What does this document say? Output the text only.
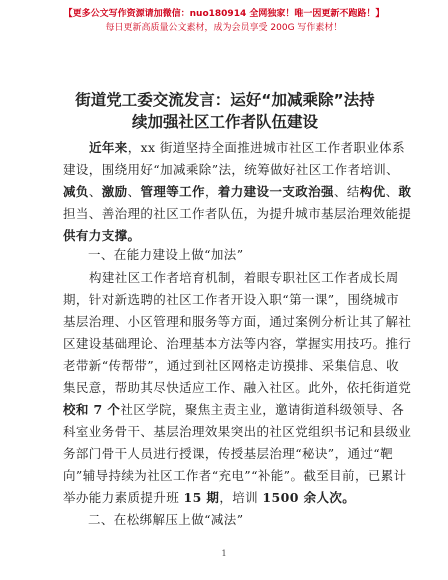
【更多公文写作资源请加微信：nuo180914 全网独家！唯一因更新不跑路！】
每日更新高质量公文素材，成为会员享受 200G 写作素材！
街道党工委交流发言：运好“加减乘除”法持
续加强社区工作者队伍建设
近年来，xx 街道坚持全面推进城市社区工作者职业体系
建设，围绕用好“加减乘除”法，统筹做好社区工作者培训、
减负、激励、管理等工作，着力建设一支政治强、结构优、敢
担当、善治理的社区工作者队伍，为提升城市基层治理效能提
供有力支撑。
一、在能力建设上做“加法”
构建社区工作者培育机制，着眼专职社区工作者成长周
期，针对新选聘的社区工作者开设入职“第一课”，围绕城市
基层治理、小区管理和服务等方面，通过案例分析让其了解社
区建设基础理论、治理基本方法等内容，掌握实用技巧。推行
老带新“传帮带”，通过到社区网格走访摸排、采集信息、收
集民意，帮助其尽快适应工作、融入社区。此外，依托街道党
校和 7 个社区学院，聚焦主责主业，邀请街道科级领导、各
科室业务骨干、基层治理效果突出的社区党组织书记和县级业
务部门骨干人员进行授课，传授基层治理“秘诀”，通过“靶
向”辅导持续为社区工作者“充电”“补能”。截至目前，已累计
举办能力素质提升班 15 期，培训 1500 余人次。
二、在松绑解压上做“减法”
1
